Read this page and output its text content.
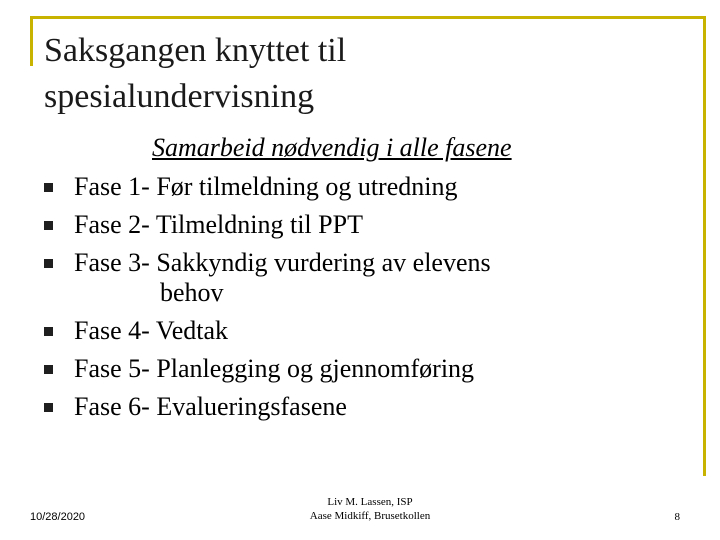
Saksgangen knyttet til
spesialundervisning
Samarbeid nødvendig i alle fasene
Fase 1- Før tilmeldning og utredning
Fase 2- Tilmeldning til PPT
Fase 3- Sakkyndig vurdering av elevens
behov
Fase 4- Vedtak
Fase 5- Planlegging og gjennomføring
Fase 6- Evalueringsfasene
10/28/2020
Liv M. Lassen, ISP
Aase Midkiff, Brusetkollen	8
